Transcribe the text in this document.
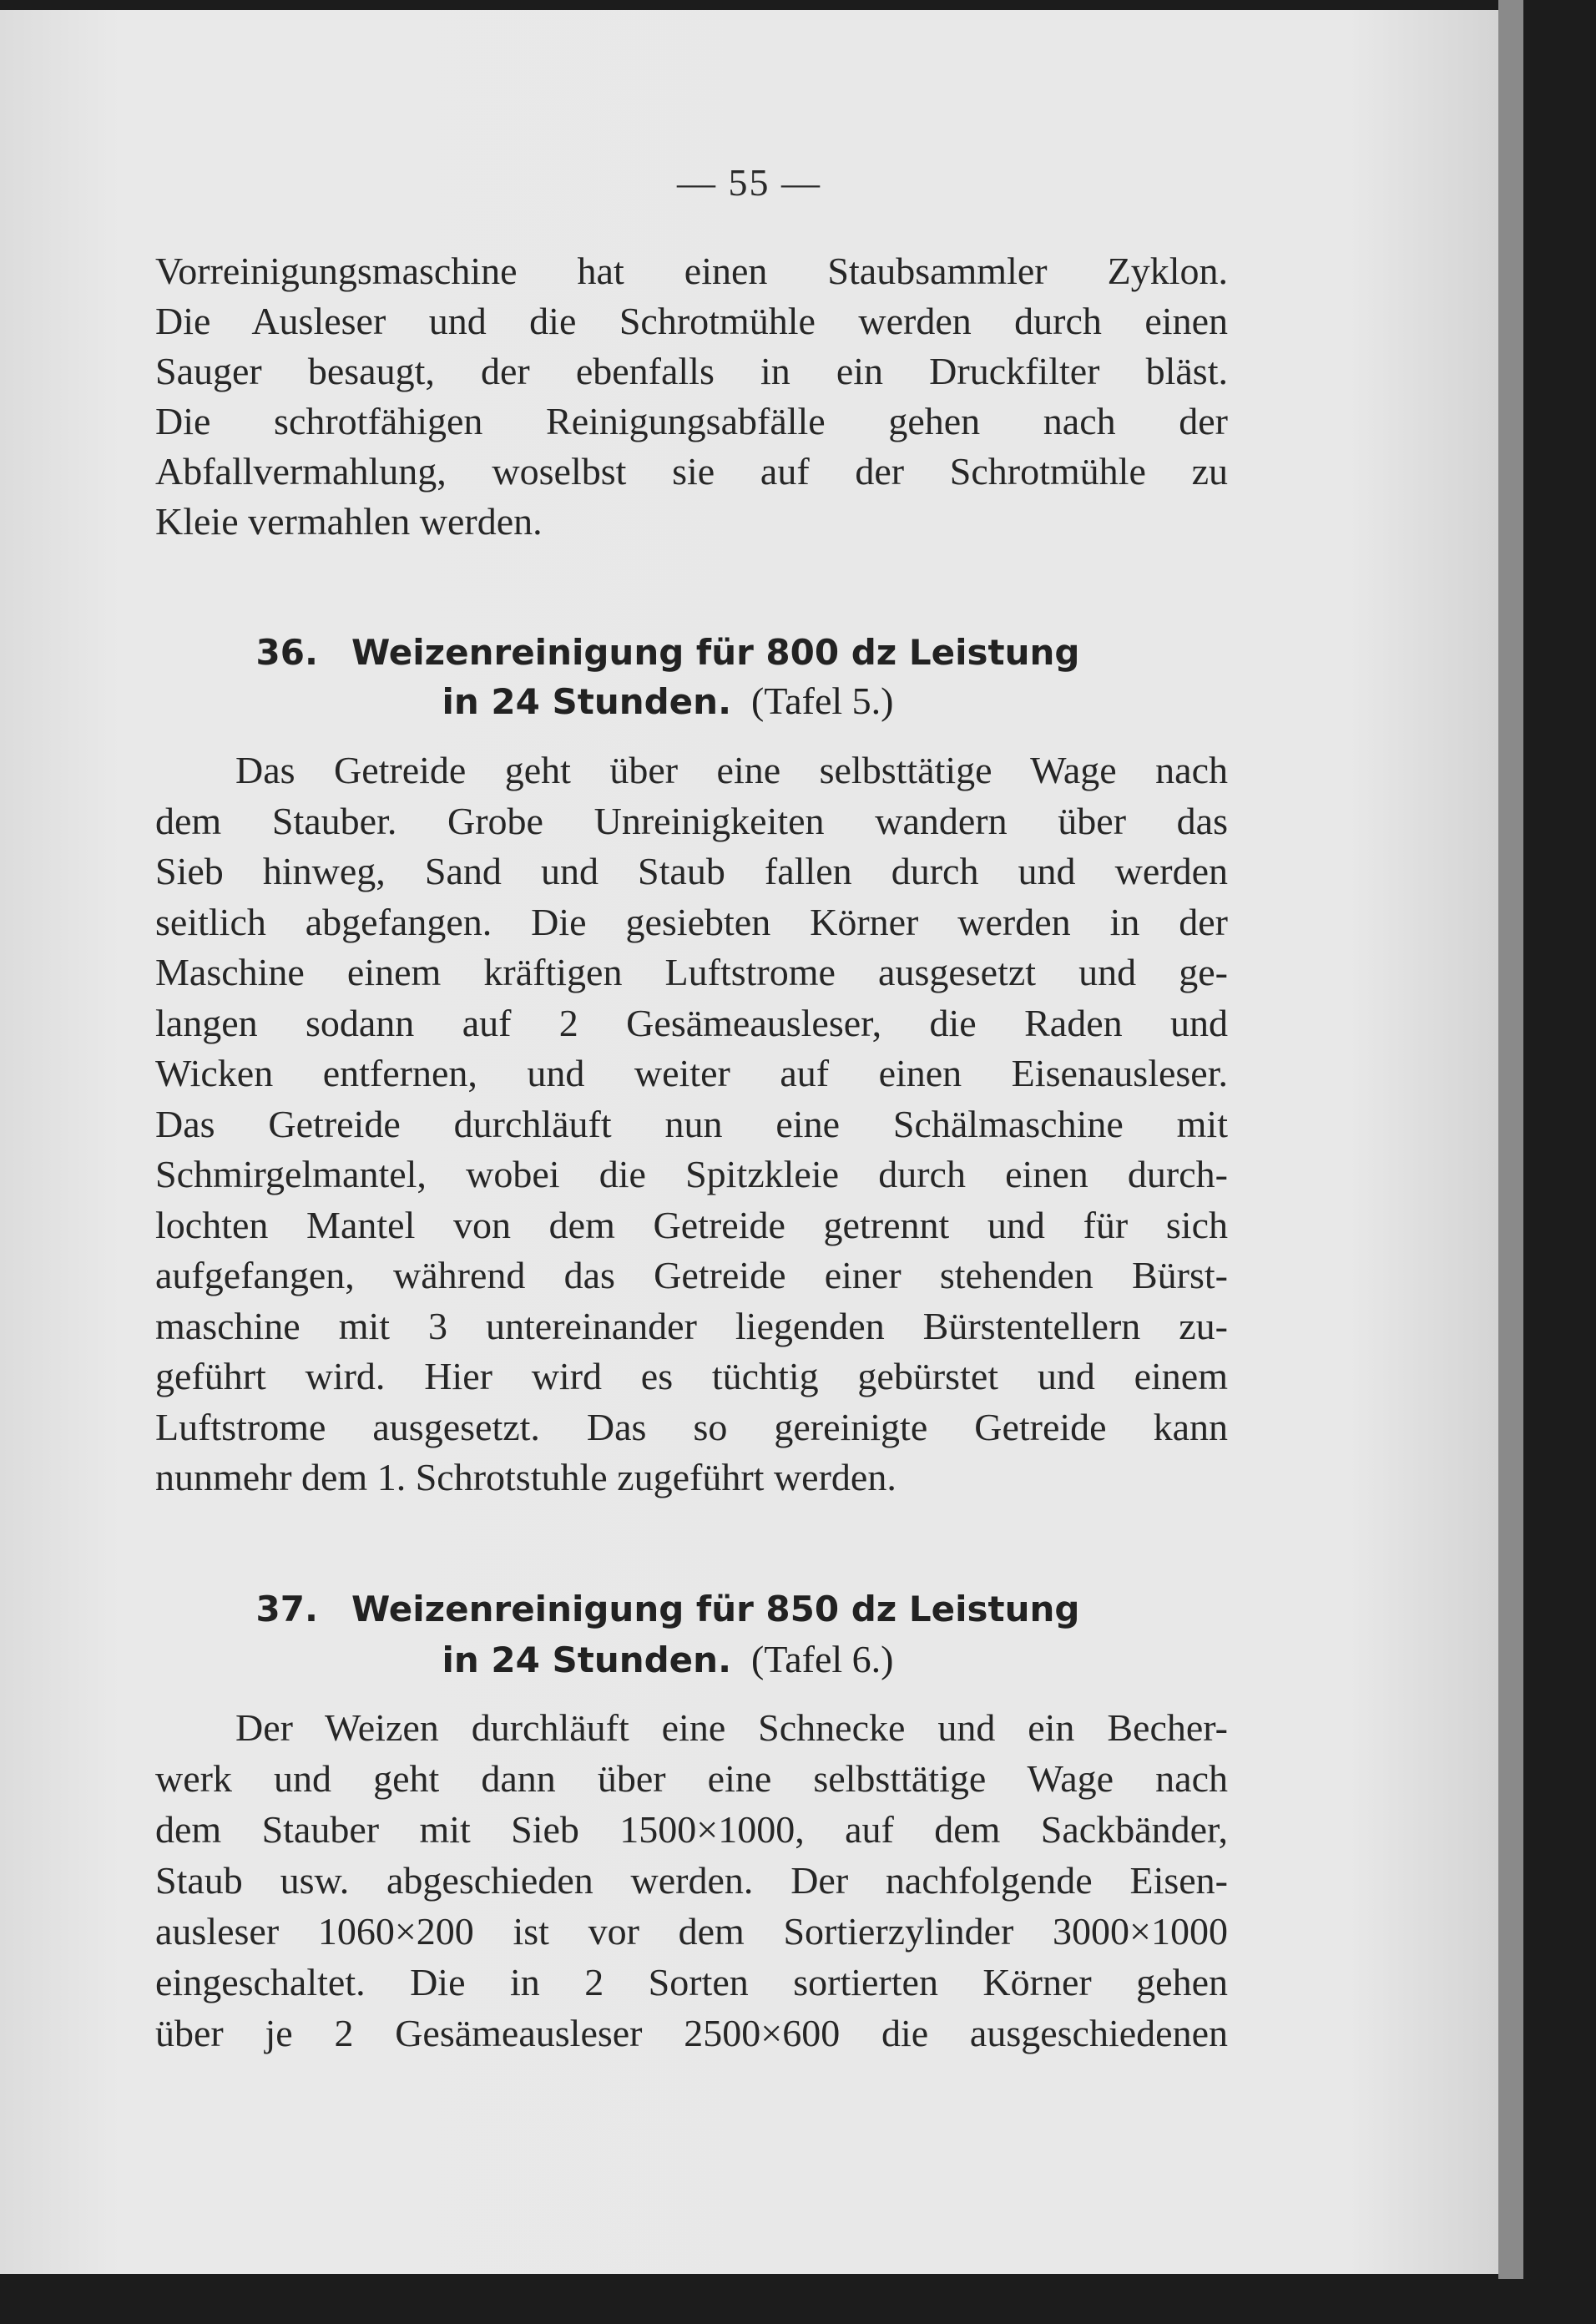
— 55 —
Vorreinigungsmaschine hat einen Staubsammler Zyklon.
Die Ausleser und die Schrotmühle werden durch einen
Sauger besaugt, der ebenfalls in ein Druckfilter bläst.
Die schrotfähigen Reinigungsabfälle gehen nach der
Abfallvermahlung, woselbst sie auf der Schrotmühle zu
Kleie vermahlen werden.
36. Weizenreinigung für 800 dz Leistung
in 24 Stunden. (Tafel 5.)
Das Getreide geht über eine selbsttätige Wage nach
dem Stauber. Grobe Unreinigkeiten wandern über das
Sieb hinweg, Sand und Staub fallen durch und werden
seitlich abgefangen. Die gesiebten Körner werden in der
Maschine einem kräftigen Luftstrome ausgesetzt und ge-
langen sodann auf 2 Gesämeausleser, die Raden und
Wicken entfernen, und weiter auf einen Eisenausleser.
Das Getreide durchläuft nun eine Schälmaschine mit
Schmirgelmantel, wobei die Spitzkleie durch einen durch-
lochten Mantel von dem Getreide getrennt und für sich
aufgefangen, während das Getreide einer stehenden Bürst-
maschine mit 3 untereinander liegenden Bürstentellern zu-
geführt wird. Hier wird es tüchtig gebürstet und einem
Luftstrome ausgesetzt. Das so gereinigte Getreide kann
nunmehr dem 1. Schrotstuhle zugeführt werden.
37. Weizenreinigung für 850 dz Leistung
in 24 Stunden. (Tafel 6.)
Der Weizen durchläuft eine Schnecke und ein Becher-
werk und geht dann über eine selbsttätige Wage nach
dem Stauber mit Sieb 1500×1000, auf dem Sackbänder,
Staub usw. abgeschieden werden. Der nachfolgende Eisen-
ausleser 1060×200 ist vor dem Sortierzylinder 3000×1000
eingeschaltet. Die in 2 Sorten sortierten Körner gehen
über je 2 Gesämeausleser 2500×600 die ausgeschiedenen
